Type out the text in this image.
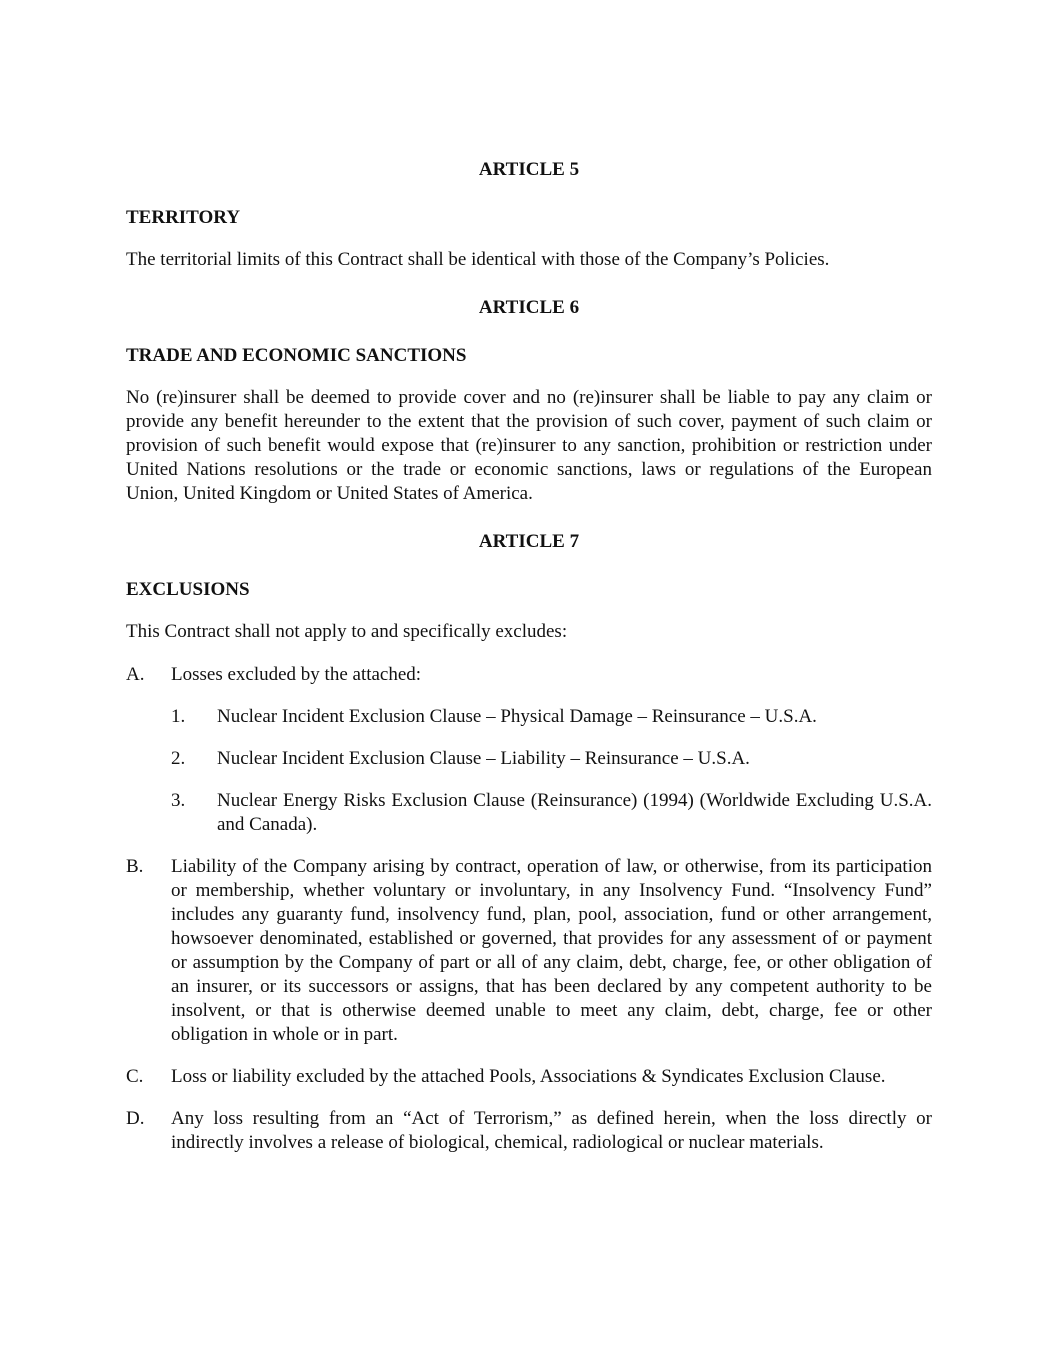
ARTICLE 5
TERRITORY
The territorial limits of this Contract shall be identical with those of the Company’s Policies.
ARTICLE 6
TRADE AND ECONOMIC SANCTIONS
No (re)insurer shall be deemed to provide cover and no (re)insurer shall be liable to pay any claim or provide any benefit hereunder to the extent that the provision of such cover, payment of such claim or provision of such benefit would expose that (re)insurer to any sanction, prohibition or restriction under United Nations resolutions or the trade or economic sanctions, laws or regulations of the European Union, United Kingdom or United States of America.
ARTICLE 7
EXCLUSIONS
This Contract shall not apply to and specifically excludes:
A.	Losses excluded by the attached:
1.	Nuclear Incident Exclusion Clause – Physical Damage – Reinsurance – U.S.A.
2.	Nuclear Incident Exclusion Clause – Liability – Reinsurance – U.S.A.
3.	Nuclear Energy Risks Exclusion Clause (Reinsurance) (1994) (Worldwide Excluding U.S.A. and Canada).
B.	Liability of the Company arising by contract, operation of law, or otherwise, from its participation or membership, whether voluntary or involuntary, in any Insolvency Fund. “Insolvency Fund” includes any guaranty fund, insolvency fund, plan, pool, association, fund or other arrangement, howsoever denominated, established or governed, that provides for any assessment of or payment or assumption by the Company of part or all of any claim, debt, charge, fee, or other obligation of an insurer, or its successors or assigns, that has been declared by any competent authority to be insolvent, or that is otherwise deemed unable to meet any claim, debt, charge, fee or other obligation in whole or in part.
C.	Loss or liability excluded by the attached Pools, Associations & Syndicates Exclusion Clause.
D.	Any loss resulting from an “Act of Terrorism,” as defined herein, when the loss directly or indirectly involves a release of biological, chemical, radiological or nuclear materials.
